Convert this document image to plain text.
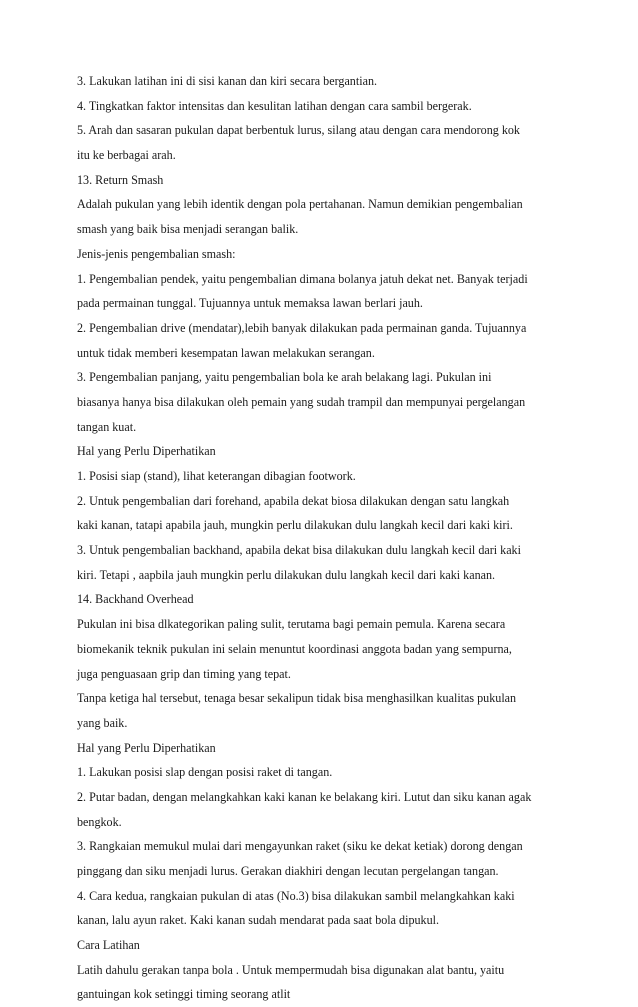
3. Lakukan latihan ini di sisi kanan dan kiri secara bergantian.

4. Tingkatkan faktor intensitas dan kesulitan latihan dengan cara sambil bergerak.

5. Arah dan sasaran pukulan dapat berbentuk lurus, silang atau dengan cara mendorong kok

itu ke berbagai arah.

13. Return Smash

Adalah pukulan yang lebih identik dengan pola pertahanan. Namun demikian pengembalian

smash yang baik bisa menjadi serangan balik.

Jenis-jenis pengembalian smash:

1. Pengembalian pendek, yaitu pengembalian dimana bolanya jatuh dekat net. Banyak terjadi

pada permainan tunggal. Tujuannya untuk memaksa lawan berlari jauh.

2. Pengembalian drive (mendatar),lebih banyak dilakukan pada permainan ganda. Tujuannya

untuk tidak memberi kesempatan lawan melakukan serangan.

3. Pengembalian panjang, yaitu pengembalian bola ke arah belakang lagi. Pukulan ini

biasanya hanya bisa dilakukan oleh pemain yang sudah trampil dan mempunyai pergelangan

tangan kuat.

Hal yang Perlu Diperhatikan

1. Posisi siap (stand), lihat keterangan dibagian footwork.

2. Untuk pengembalian dari forehand, apabila dekat biosa dilakukan dengan satu langkah

kaki kanan, tatapi apabila jauh, mungkin perlu dilakukan dulu langkah kecil dari kaki kiri.

3. Untuk pengembalian backhand, apabila dekat bisa dilakukan dulu langkah kecil dari kaki

kiri. Tetapi , aapbila jauh mungkin perlu dilakukan dulu langkah kecil dari kaki kanan.

14. Backhand Overhead

Pukulan ini bisa dlkategorikan paling sulit, terutama bagi pemain pemula. Karena secara

biomekanik teknik pukulan ini selain menuntut koordinasi anggota badan yang sempurna,

juga penguasaan grip dan timing yang tepat.

Tanpa ketiga hal tersebut, tenaga besar sekalipun tidak bisa menghasilkan kualitas pukulan

yang baik.

Hal yang Perlu Diperhatikan

1. Lakukan posisi slap dengan posisi raket di tangan.

2. Putar badan, dengan melangkahkan kaki kanan ke belakang kiri. Lutut dan siku kanan agak

bengkok.

3. Rangkaian memukul mulai dari mengayunkan raket (siku ke dekat ketiak) dorong dengan

pinggang dan siku menjadi lurus. Gerakan diakhiri dengan lecutan pergelangan tangan.

4. Cara kedua, rangkaian pukulan di atas (No.3) bisa dilakukan sambil melangkahkan kaki

kanan, lalu ayun raket. Kaki kanan sudah mendarat pada saat bola dipukul.

Cara Latihan

Latih dahulu gerakan tanpa bola . Untuk mempermudah bisa digunakan alat bantu, yaitu

gantuingan kok setinggi timing seorang atlit
